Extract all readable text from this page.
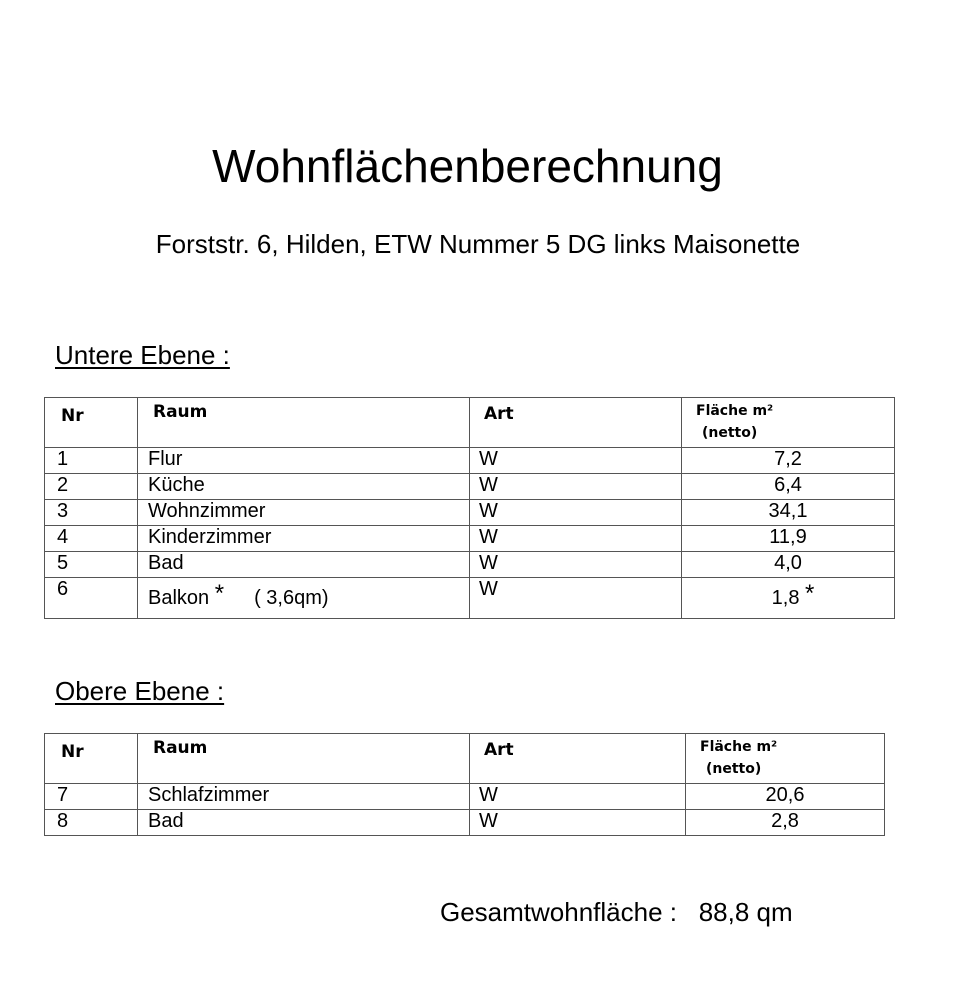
Wohnflächenberechnung
Forststr. 6, Hilden, ETW Nummer 5 DG links Maisonette
Untere Ebene :
Nr	Raum	Art	Fläche m²
(netto)

1	Flur	W	7,2
2	Küche	W	6,4
3	Wohnzimmer	W	34,1
4	Kinderzimmer	W	11,9
5	Bad	W	4,0
6	Balkon * ( 3,6qm)	W	1,8 *
Obere Ebene :
Nr	Raum	Art	Fläche m²
(netto)

7	Schlafzimmer	W	20,6
8	Bad	W	2,8
Gesamtwohnfläche : 88,8 qm
